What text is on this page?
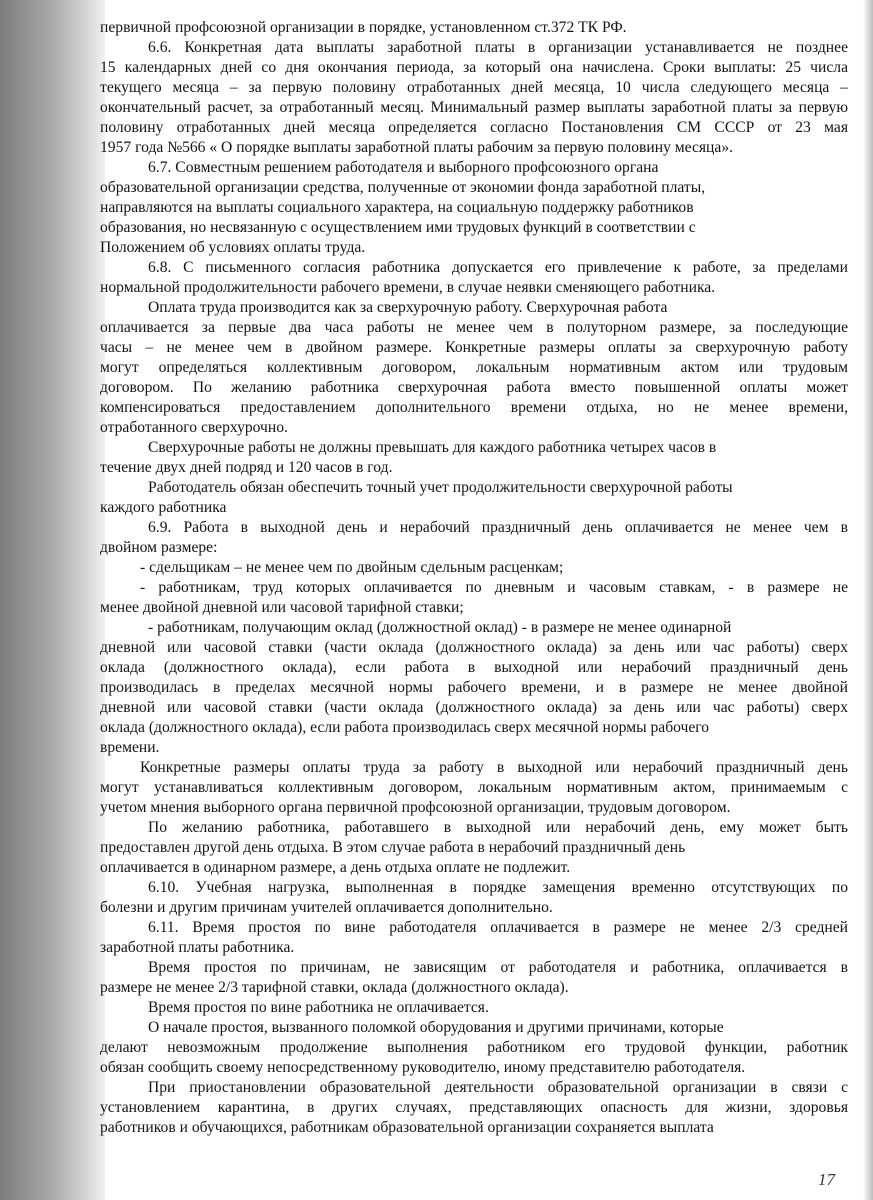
первичной профсоюзной организации в порядке, установленном ст.372 ТК РФ.
6.6. Конкретная дата выплаты заработной платы в организации устанавливается не позднее
15 календарных дней со дня окончания периода, за который она начислена. Сроки выплаты: 25 числа
текущего месяца – за первую половину отработанных дней месяца, 10 числа следующего месяца –
окончательный расчет, за отработанный месяц. Минимальный размер выплаты заработной платы за первую
половину отработанных дней месяца определяется согласно Постановления СМ СССР от 23 мая
1957 года №566 « О порядке выплаты заработной платы рабочим за первую половину месяца».
6.7. Совместным решением работодателя и выборного профсоюзного органа
образовательной организации средства, полученные от экономии фонда заработной платы,
направляются на выплаты социального характера, на социальную поддержку работников
образования, но несвязанную с осуществлением ими трудовых функций в соответствии с
Положением об условиях оплаты труда.
6.8. С письменного согласия работника допускается его привлечение к работе, за пределами
нормальной продолжительности рабочего времени, в случае неявки сменяющего работника.
Оплата труда производится как за сверхурочную работу. Сверхурочная работа
оплачивается за первые два часа работы не менее чем в полуторном размере, за последующие
часы – не менее чем в двойном размере. Конкретные размеры оплаты за сверхурочную работу
могут определяться коллективным договором, локальным нормативным актом или трудовым
договором. По желанию работника сверхурочная работа вместо повышенной оплаты может
компенсироваться предоставлением дополнительного времени отдыха, но не менее времени,
отработанного сверхурочно.
Сверхурочные работы не должны превышать для каждого работника четырех часов в
течение двух дней подряд и 120 часов в год.
Работодатель обязан обеспечить точный учет продолжительности сверхурочной работы
каждого работника
6.9. Работа в выходной день и нерабочий праздничный день оплачивается не менее чем в
двойном размере:
- сдельщикам – не менее чем по двойным сдельным расценкам;
- работникам, труд которых оплачивается по дневным и часовым ставкам, - в размере не
менее двойной дневной или часовой тарифной ставки;
- работникам, получающим оклад (должностной оклад) - в размере не менее одинарной
дневной или часовой ставки (части оклада (должностного оклада) за день или час работы) сверх
оклада (должностного оклада), если работа в выходной или нерабочий праздничный день
производилась в пределах месячной нормы рабочего времени, и в размере не менее двойной
дневной или часовой ставки (части оклада (должностного оклада) за день или час работы) сверх
оклада (должностного оклада), если работа производилась сверх месячной нормы рабочего
времени.
Конкретные размеры оплаты труда за работу в выходной или нерабочий праздничный день
могут устанавливаться коллективным договором, локальным нормативным актом, принимаемым с
учетом мнения выборного органа первичной профсоюзной организации, трудовым договором.
По желанию работника, работавшего в выходной или нерабочий день, ему может быть
предоставлен другой день отдыха. В этом случае работа в нерабочий праздничный день
оплачивается в одинарном размере, а день отдыха оплате не подлежит.
6.10. Учебная нагрузка, выполненная в порядке замещения временно отсутствующих по
болезни и другим причинам учителей оплачивается дополнительно.
6.11. Время простоя по вине работодателя оплачивается в размере не менее 2/3 средней
заработной платы работника.
Время простоя по причинам, не зависящим от работодателя и работника, оплачивается в
размере не менее 2/3 тарифной ставки, оклада (должностного оклада).
Время простоя по вине работника не оплачивается.
О начале простоя, вызванного поломкой оборудования и другими причинами, которые
делают невозможным продолжение выполнения работником его трудовой функции, работник
обязан сообщить своему непосредственному руководителю, иному представителю работодателя.
При приостановлении образовательной деятельности образовательной организации в связи с
установлением карантина, в других случаях, представляющих опасность для жизни, здоровья
работников и обучающихся, работникам образовательной организации сохраняется выплата
17
